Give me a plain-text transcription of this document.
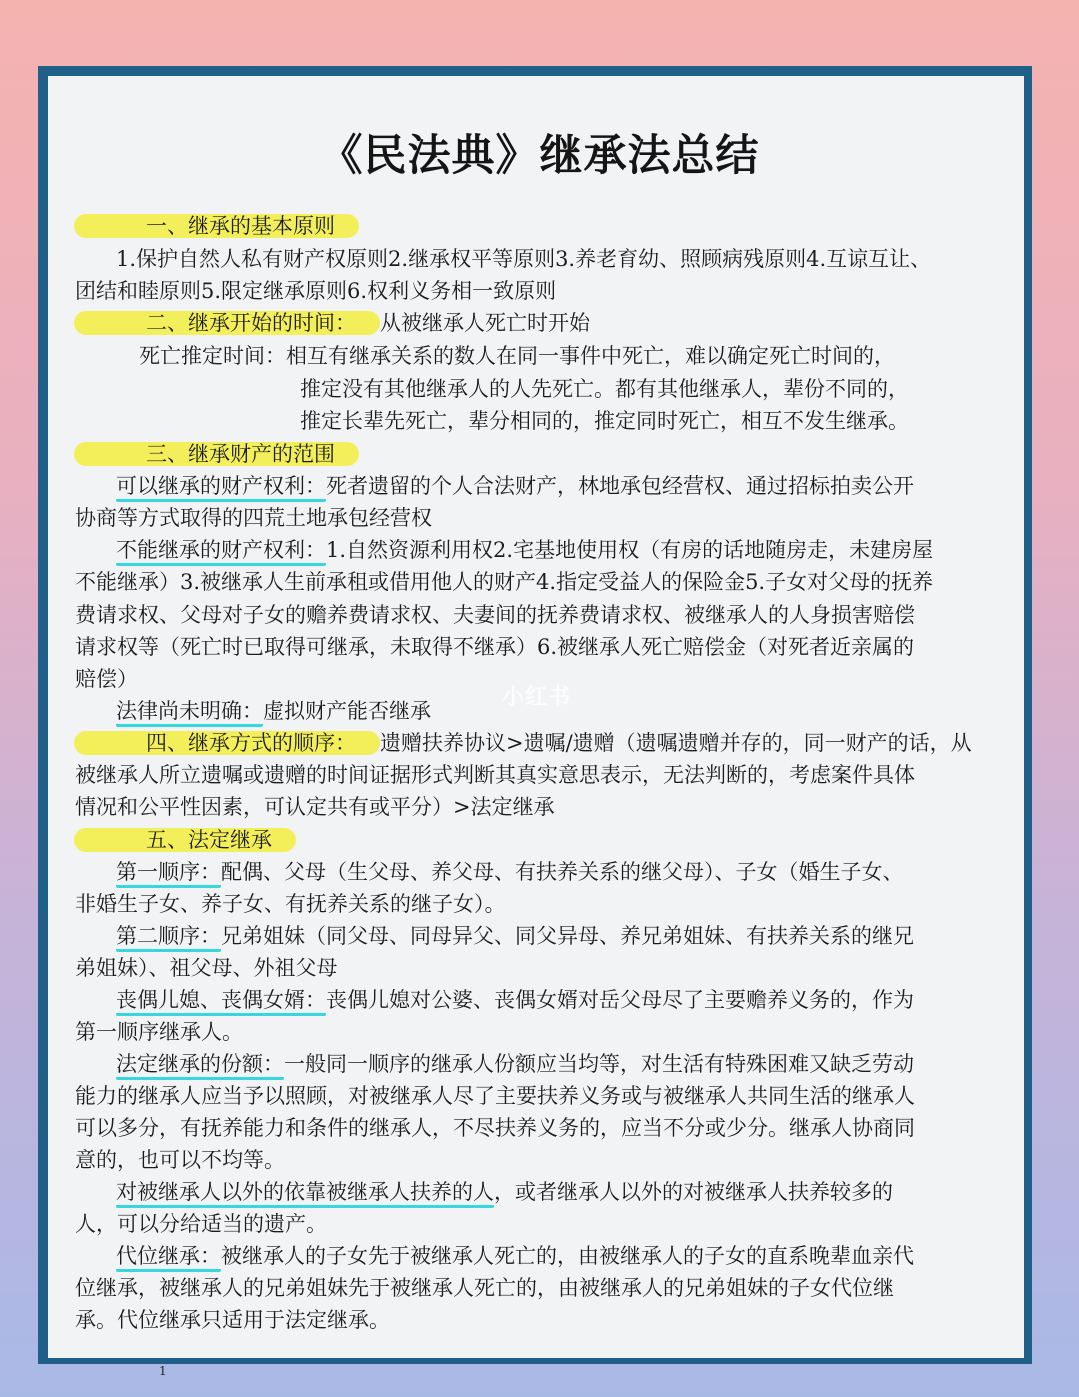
《民法典》继承法总结
一、继承的基本原则
1.保护自然人私有财产权原则2.继承权平等原则3.养老育幼、照顾病残原则4.互谅互让、
团结和睦原则5.限定继承原则6.权利义务相一致原则
二、继承开始的时间： 从被继承人死亡时开始
死亡推定时间：相互有继承关系的数人在同一事件中死亡，难以确定死亡时间的，
推定没有其他继承人的人先死亡。都有其他继承人，辈份不同的，
推定长辈先死亡，辈分相同的，推定同时死亡，相互不发生继承。
三、继承财产的范围
可以继承的财产权利：死者遗留的个人合法财产，林地承包经营权、通过招标拍卖公开
协商等方式取得的四荒土地承包经营权
不能继承的财产权利：1.自然资源利用权2.宅基地使用权（有房的话地随房走，未建房屋
不能继承）3.被继承人生前承租或借用他人的财产4.指定受益人的保险金5.子女对父母的抚养
费请求权、父母对子女的赡养费请求权、夫妻间的抚养费请求权、被继承人的人身损害赔偿
请求权等（死亡时已取得可继承，未取得不继承）6.被继承人死亡赔偿金（对死者近亲属的
赔偿）
法律尚未明确：虚拟财产能否继承
四、继承方式的顺序： 遗赠扶养协议>遗嘱/遗赠（遗嘱遗赠并存的，同一财产的话，从
被继承人所立遗嘱或遗赠的时间证据形式判断其真实意思表示，无法判断的，考虑案件具体
情况和公平性因素，可认定共有或平分）>法定继承
五、法定继承
第一顺序：配偶、父母（生父母、养父母、有扶养关系的继父母）、子女（婚生子女、
非婚生子女、养子女、有抚养关系的继子女）。
第二顺序：兄弟姐妹（同父母、同母异父、同父异母、养兄弟姐妹、有扶养关系的继兄
弟姐妹）、祖父母、外祖父母
丧偶儿媳、丧偶女婿：丧偶儿媳对公婆、丧偶女婿对岳父母尽了主要赡养义务的，作为
第一顺序继承人。
法定继承的份额：一般同一顺序的继承人份额应当均等，对生活有特殊困难又缺乏劳动
能力的继承人应当予以照顾，对被继承人尽了主要扶养义务或与被继承人共同生活的继承人
可以多分，有抚养能力和条件的继承人，不尽扶养义务的，应当不分或少分。继承人协商同
意的，也可以不均等。
对被继承人以外的依靠被继承人扶养的人，或者继承人以外的对被继承人扶养较多的
人，可以分给适当的遗产。
代位继承：被继承人的子女先于被继承人死亡的，由被继承人的子女的直系晚辈血亲代
位继承，被继承人的兄弟姐妹先于被继承人死亡的，由被继承人的兄弟姐妹的子女代位继
承。代位继承只适用于法定继承。
小红书
1
